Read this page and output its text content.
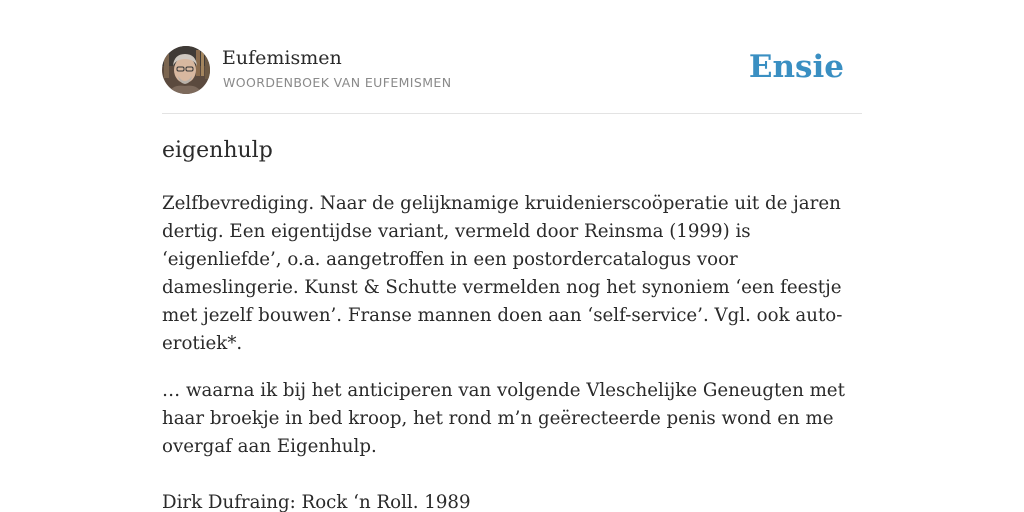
Eufemismen
WOORDENBOEK VAN EUFEMISMEN	Ensie
eigenhulp

Zelfbevrediging. Naar de gelijknamige kruidenierscoöperatie uit de jaren dertig. Een eigentijdse variant, vermeld door Reinsma (1999) is ‘eigenliefde’, o.a. aangetroffen in een postordercatalogus voor dameslingerie. Kunst & Schutte vermelden nog het synoniem ‘een feestje met jezelf bouwen’. Franse mannen doen aan ‘self-service’. Vgl. ook auto-erotiek*.

… waarna ik bij het anticiperen van volgende Vleschelijke Geneugten met haar broekje in bed kroop, het rond m’n geërecteerde penis wond en me overgaf aan Eigenhulp.

Dirk Dufraing: Rock ‘n Roll. 1989
